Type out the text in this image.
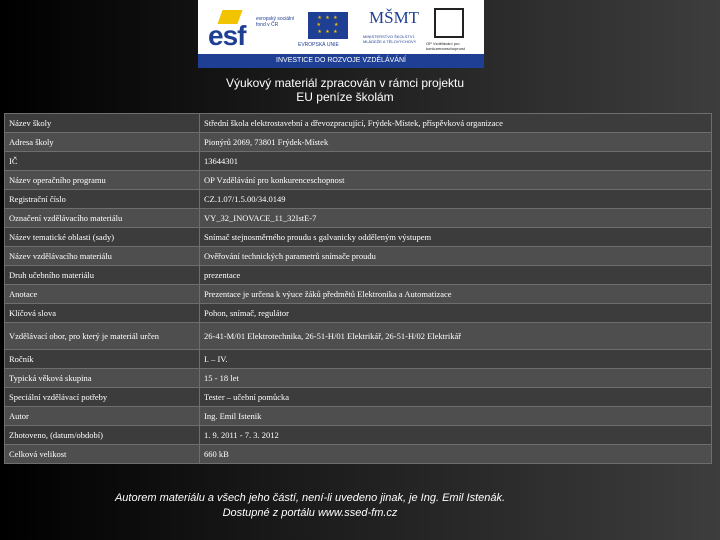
esf
evropský sociální fond v ČR
★ ★ ★
★     ★
★ ★ ★
EVROPSKÁ UNIE
MŠMT
MINISTERSTVO ŠKOLSTVÍ, MLÁDEŽE A TĚLOVÝCHOVY	OP Vzdělávání pro konkurenceschopnost
INVESTICE DO ROZVOJE VZDĚLÁVÁNÍ
Výukový materiál zpracován v rámci projektu
EU peníze školám
Název školy	Střední škola elektrostavební a dřevozpracující, Frýdek-Místek, příspěvková organizace
Adresa školy	Pionýrů 2069, 73801 Frýdek-Místek
IČ	13644301
Název operačního programu	OP Vzdělávání pro konkurenceschopnost
Registrační číslo	CZ.1.07/1.5.00/34.0149
Označení vzdělávacího materiálu	VY_32_INOVACE_11_32IstE-7
Název tematické oblasti (sady)	Snímač stejnosměrného proudu s galvanicky odděleným výstupem
Název vzdělávacího materiálu	Ověřování technických parametrů snímače proudu
Druh učebního materiálu	prezentace
Anotace	Prezentace je určena k výuce žáků předmětů Elektronika a Automatizace
Klíčová slova	Pohon, snímač, regulátor
Vzdělávací obor, pro který je materiál určen	26-41-M/01 Elektrotechnika, 26-51-H/01 Elektrikář, 26-51-H/02 Elektrikář
Ročník	I. – IV.
Typická věková skupina	15 - 18 let
Speciální vzdělávací potřeby	Tester – učební pomůcka
Autor	Ing. Emil Istenik
Zhotoveno, (datum/období)	1. 9. 2011 - 7. 3. 2012
Celková velikost	660 kB
Autorem materiálu a všech jeho částí, není-li uvedeno jinak, je Ing. Emil Istenák.
Dostupné z portálu www.ssed-fm.cz
